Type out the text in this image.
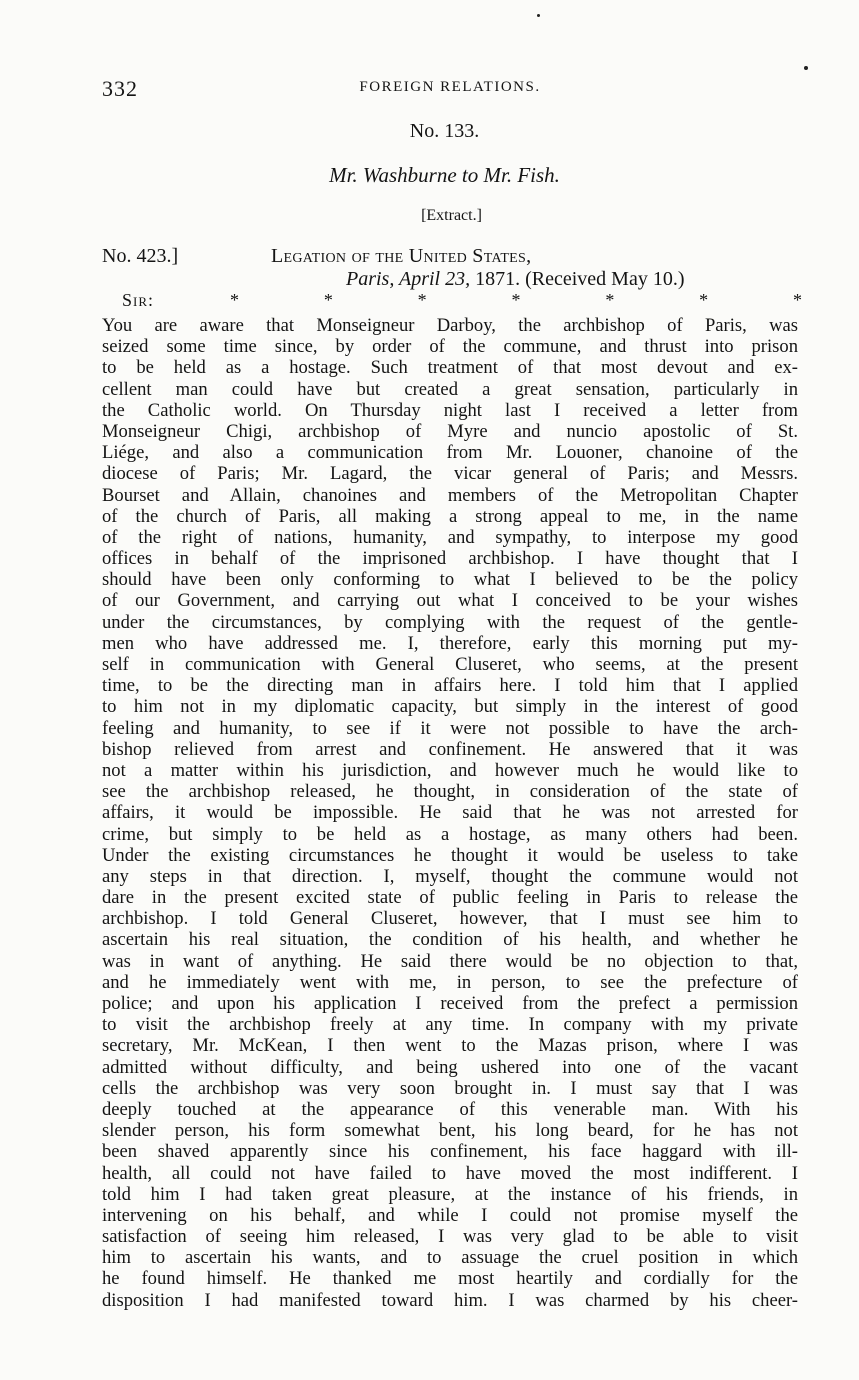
332	FOREIGN RELATIONS.
No. 133.
Mr. Washburne to Mr. Fish.
[Extract.]
No. 423.]	Legation of the United States,
Paris, April 23, 1871. (Received May 10.)
Sir:	*	*	*	*	*	*	*
You are aware that Monseigneur Darboy, the archbishop of Paris, was
seized some time since, by order of the commune, and thrust into prison
to be held as a hostage. Such treatment of that most devout and ex-
cellent man could have but created a great sensation, particularly in
the Catholic world. On Thursday night last I received a letter from
Monseigneur Chigi, archbishop of Myre and nuncio apostolic of St.
Liége, and also a communication from Mr. Louoner, chanoine of the
diocese of Paris; Mr. Lagard, the vicar general of Paris; and Messrs.
Bourset and Allain, chanoines and members of the Metropolitan Chapter
of the church of Paris, all making a strong appeal to me, in the name
of the right of nations, humanity, and sympathy, to interpose my good
offices in behalf of the imprisoned archbishop. I have thought that I
should have been only conforming to what I believed to be the policy
of our Government, and carrying out what I conceived to be your wishes
under the circumstances, by complying with the request of the gentle-
men who have addressed me. I, therefore, early this morning put my-
self in communication with General Cluseret, who seems, at the present
time, to be the directing man in affairs here. I told him that I applied
to him not in my diplomatic capacity, but simply in the interest of good
feeling and humanity, to see if it were not possible to have the arch-
bishop relieved from arrest and confinement. He answered that it was
not a matter within his jurisdiction, and however much he would like to
see the archbishop released, he thought, in consideration of the state of
affairs, it would be impossible. He said that he was not arrested for
crime, but simply to be held as a hostage, as many others had been.
Under the existing circumstances he thought it would be useless to take
any steps in that direction. I, myself, thought the commune would not
dare in the present excited state of public feeling in Paris to release the
archbishop. I told General Cluseret, however, that I must see him to
ascertain his real situation, the condition of his health, and whether he
was in want of anything. He said there would be no objection to that,
and he immediately went with me, in person, to see the prefecture of
police; and upon his application I received from the prefect a permission
to visit the archbishop freely at any time. In company with my private
secretary, Mr. McKean, I then went to the Mazas prison, where I was
admitted without difficulty, and being ushered into one of the vacant
cells the archbishop was very soon brought in. I must say that I was
deeply touched at the appearance of this venerable man. With his
slender person, his form somewhat bent, his long beard, for he has not
been shaved apparently since his confinement, his face haggard with ill-
health, all could not have failed to have moved the most indifferent. I
told him I had taken great pleasure, at the instance of his friends, in
intervening on his behalf, and while I could not promise myself the
satisfaction of seeing him released, I was very glad to be able to visit
him to ascertain his wants, and to assuage the cruel position in which
he found himself. He thanked me most heartily and cordially for the
disposition I had manifested toward him. I was charmed by his cheer-
